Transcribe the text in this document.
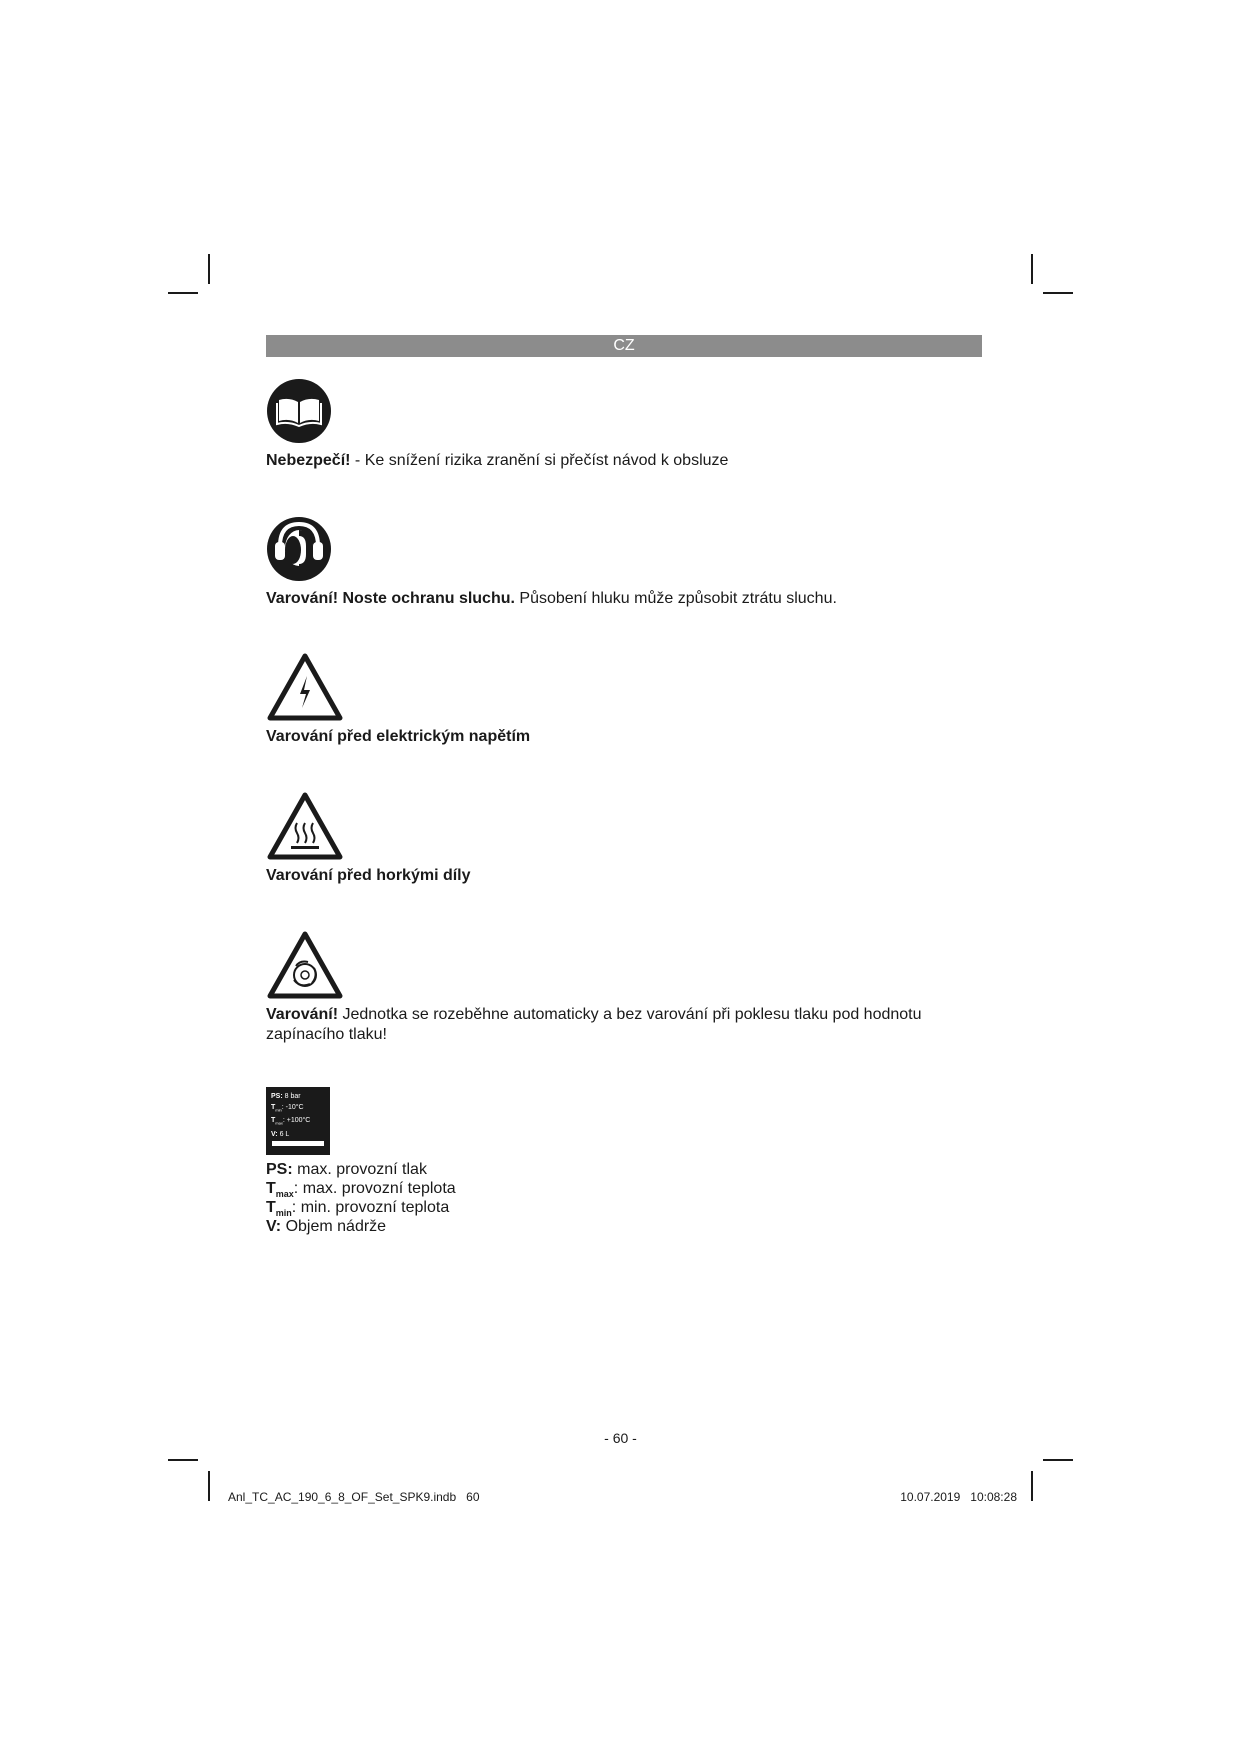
CZ
Nebezpečí! - Ke snížení rizika zranění si přečíst návod k obsluze
Varování! Noste ochranu sluchu. Působení hluku může způsobit ztrátu sluchu.
Varování před elektrickým napětím
Varování před horkými díly
Varování! Jednotka se rozeběhne automaticky a bez varování při poklesu tlaku pod hodnotu zapínacího tlaku!
PS: 8 bar
$T_{min}$: -10°C
$T_{max}$: +100°C
V: 6 L
PS: max. provozní tlak
$T_{max}$: max. provozní teplota
$T_{min}$: min. provozní teplota
V: Objem nádrže
- 60 -
Anl_TC_AC_190_6_8_OF_Set_SPK9.indb   60	10.07.2019   10:08:28
